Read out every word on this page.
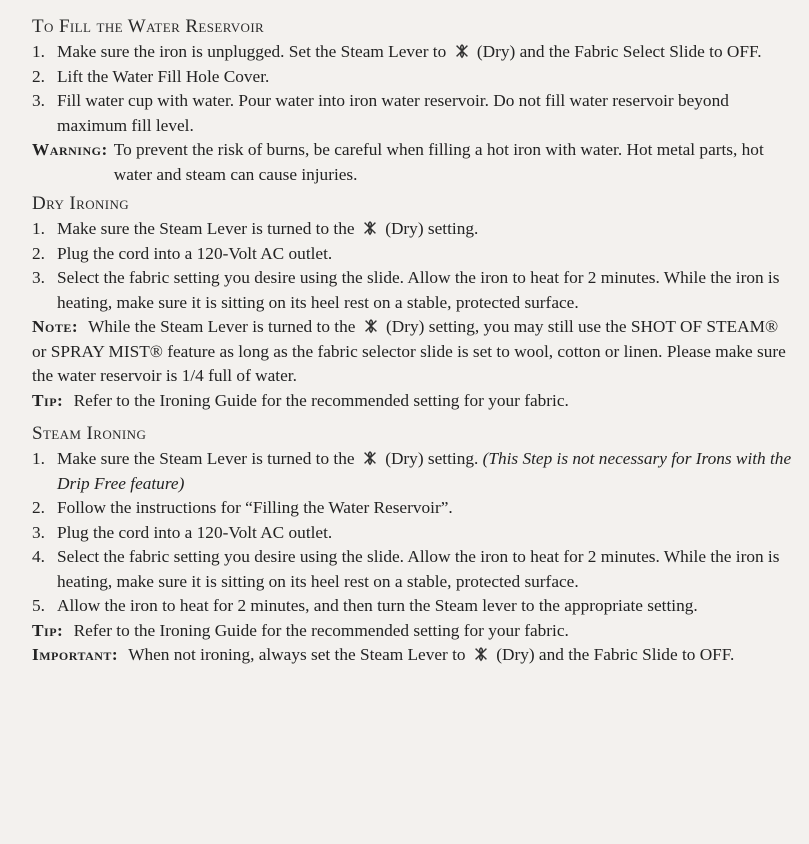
To Fill the Water Reservoir
1. Make sure the iron is unplugged. Set the Steam Lever to (Dry) and the Fabric Select Slide to OFF.
2. Lift the Water Fill Hole Cover.
3. Fill water cup with water. Pour water into iron water reservoir. Do not fill water reservoir beyond maximum fill level.
Warning: To prevent the risk of burns, be careful when filling a hot iron with water. Hot metal parts, hot water and steam can cause injuries.
Dry Ironing
1. Make sure the Steam Lever is turned to the (Dry) setting.
2. Plug the cord into a 120-Volt AC outlet.
3. Select the fabric setting you desire using the slide. Allow the iron to heat for 2 minutes. While the iron is heating, make sure it is sitting on its heel rest on a stable, protected surface.

Note: While the Steam Lever is turned to the (Dry) setting, you may still use the SHOT OF STEAM® or SPRAY MIST® feature as long as the fabric selector slide is set to wool, cotton or linen. Please make sure the water reservoir is 1/4 full of water.

Tip: Refer to the Ironing Guide for the recommended setting for your fabric.

Steam Ironing
1. Make sure the Steam Lever is turned to the (Dry) setting. (This Step is not necessary for Irons with the Drip Free feature)
2. Follow the instructions for “Filling the Water Reservoir”.
3. Plug the cord into a 120-Volt AC outlet.
4. Select the fabric setting you desire using the slide. Allow the iron to heat for 2 minutes. While the iron is heating, make sure it is sitting on its heel rest on a stable, protected surface.
5. Allow the iron to heat for 2 minutes, and then turn the Steam lever to the appropriate setting.

Tip: Refer to the Ironing Guide for the recommended setting for your fabric.

Important: When not ironing, always set the Steam Lever to (Dry) and the Fabric Slide to OFF.
